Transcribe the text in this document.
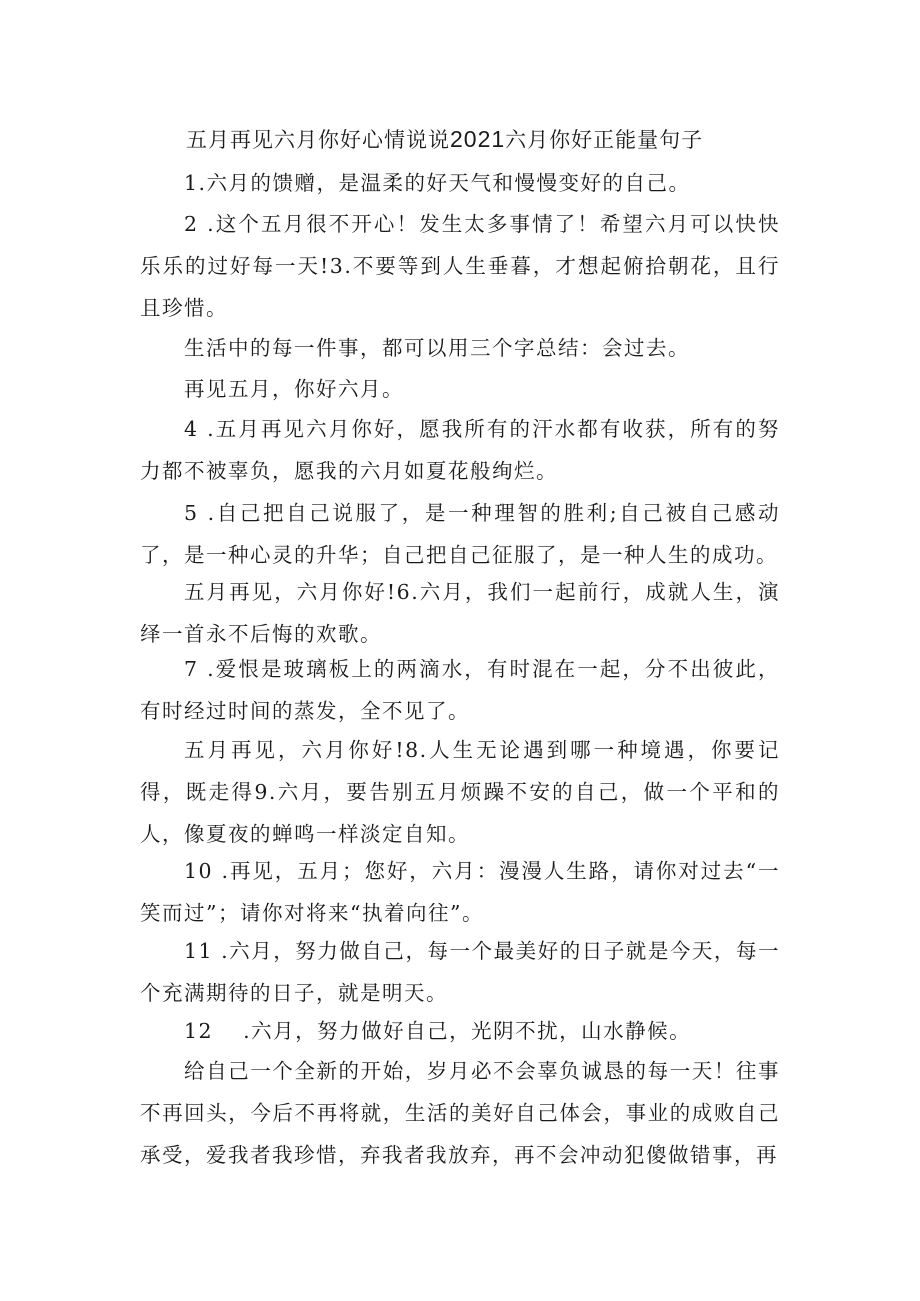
五月再见六月你好心情说说2021六月你好正能量句子
1.六月的馈赠，是温柔的好天气和慢慢变好的自己。
2 .这个五月很不开心！发生太多事情了！希望六月可以快快乐乐的过好每一天!3.不要等到人生垂暮，才想起俯拾朝花，且行且珍惜。
生活中的每一件事，都可以用三个字总结：会过去。
再见五月，你好六月。
4 .五月再见六月你好，愿我所有的汗水都有收获，所有的努力都不被辜负，愿我的六月如夏花般绚烂。
5 .自己把自己说服了，是一种理智的胜利;自己被自己感动了，是一种心灵的升华；自己把自己征服了，是一种人生的成功。
五月再见，六月你好!6.六月，我们一起前行，成就人生，演绎一首永不后悔的欢歌。
7 .爱恨是玻璃板上的两滴水，有时混在一起，分不出彼此，有时经过时间的蒸发，全不见了。
五月再见，六月你好!8.人生无论遇到哪一种境遇，你要记得，既走得9.六月，要告别五月烦躁不安的自己，做一个平和的人，像夏夜的蝉鸣一样淡定自知。
10 .再见，五月；您好，六月：漫漫人生路，请你对过去“一笑而过”；请你对将来“执着向往”。
11 .六月，努力做自己，每一个最美好的日子就是今天，每一个充满期待的日子，就是明天。
12　 .六月，努力做好自己，光阴不扰，山水静候。
给自己一个全新的开始，岁月必不会辜负诚恳的每一天！往事不再回头，今后不再将就，生活的美好自己体会，事业的成败自己承受，爱我者我珍惜，弃我者我放弃，再不会冲动犯傻做错事，再
